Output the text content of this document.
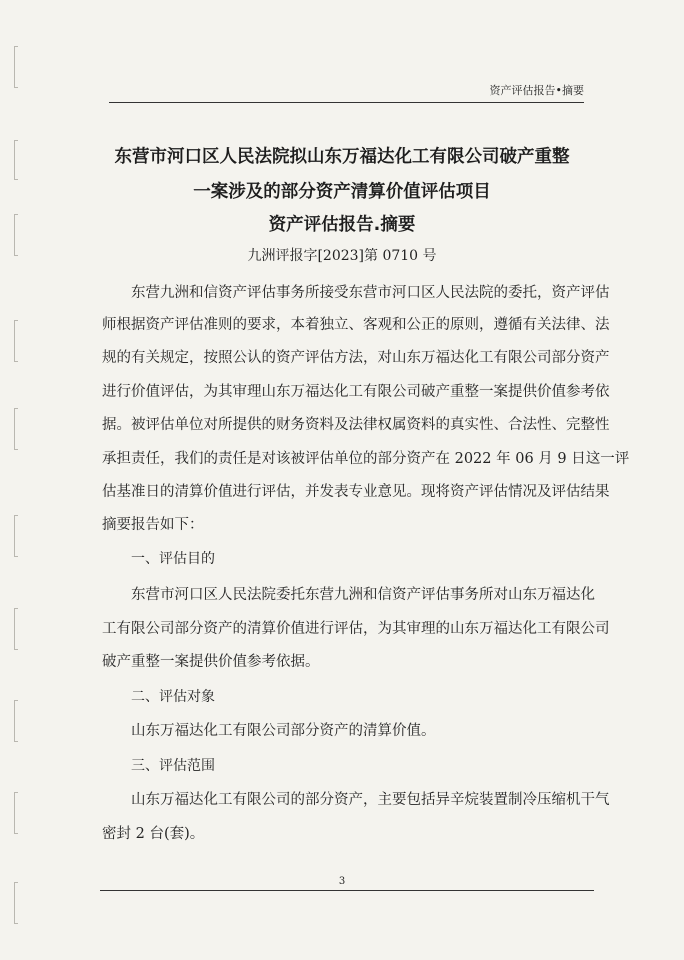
资产评估报告•摘要
东营市河口区人民法院拟山东万福达化工有限公司破产重整
一案涉及的部分资产清算价值评估项目
资产评估报告.摘要
九洲评报字[2023]第 0710 号

东营九洲和信资产评估事务所接受东营市河口区人民法院的委托，资产评估

师根据资产评估准则的要求，本着独立、客观和公正的原则，遵循有关法律、法

规的有关规定，按照公认的资产评估方法，对山东万福达化工有限公司部分资产

进行价值评估，为其审理山东万福达化工有限公司破产重整一案提供价值参考依

据。被评估单位对所提供的财务资料及法律权属资料的真实性、合法性、完整性

承担责任，我们的责任是对该被评估单位的部分资产在 2022 年 06 月 9 日这一评

估基准日的清算价值进行评估，并发表专业意见。现将资产评估情况及评估结果

摘要报告如下：

一、评估目的

东营市河口区人民法院委托东营九洲和信资产评估事务所对山东万福达化

工有限公司部分资产的清算价值进行评估，为其审理的山东万福达化工有限公司

破产重整一案提供价值参考依据。

二、评估对象

山东万福达化工有限公司部分资产的清算价值。

三、评估范围

山东万福达化工有限公司的部分资产，主要包括异辛烷装置制冷压缩机干气

密封 2 台(套)。

3
